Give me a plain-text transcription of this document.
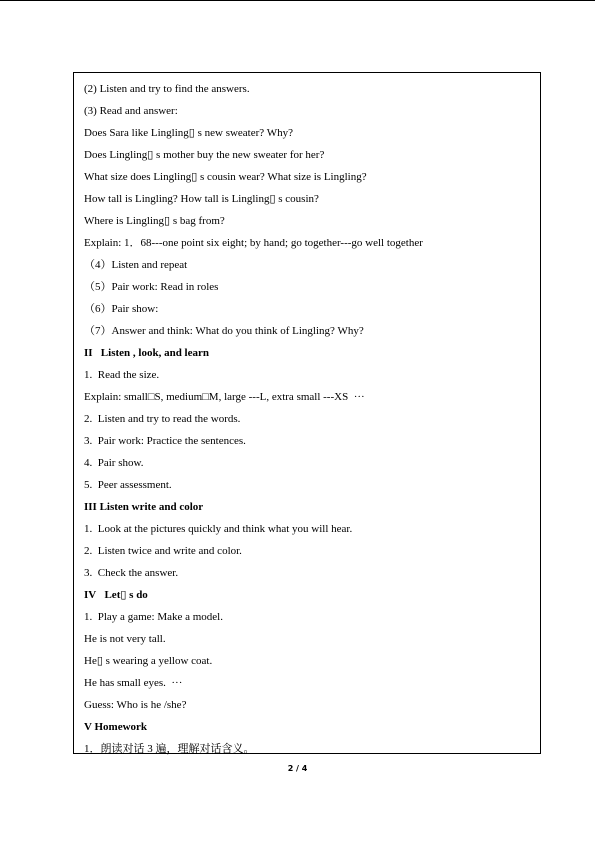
(2) Listen and try to find the answers.
(3) Read and answer:
Does Sara like Lingling▯ s new sweater? Why?
Does Lingling▯ s mother buy the new sweater for her?
What size does Lingling▯ s cousin wear? What size is Lingling?
How tall is Lingling? How tall is Lingling▯ s cousin?
Where is Lingling▯ s bag from?
Explain: 1．68---one point six eight; by hand; go together---go well together
（4）Listen and repeat
（5）Pair work: Read in roles
（6）Pair show:
（7）Answer and think: What do you think of Lingling? Why?
II   Listen , look, and learn
1.  Read the size.
Explain: small□S, medium□M, large ---L, extra small ---XS  ···
2.  Listen and try to read the words.
3.  Pair work: Practice the sentences.
4.  Pair show.
5.  Peer assessment.
III Listen write and color
1.  Look at the pictures quickly and think what you will hear.
2.  Listen twice and write and color.
3.  Check the answer.
IV   Let▯ s do
1.  Play a game: Make a model.
He is not very tall.
He▯ s wearing a yellow coat.
He has small eyes.  ···
Guess: Who is he /she?
V Homework
1．朗读对话 3 遍，理解对话含义。
2 / 4
